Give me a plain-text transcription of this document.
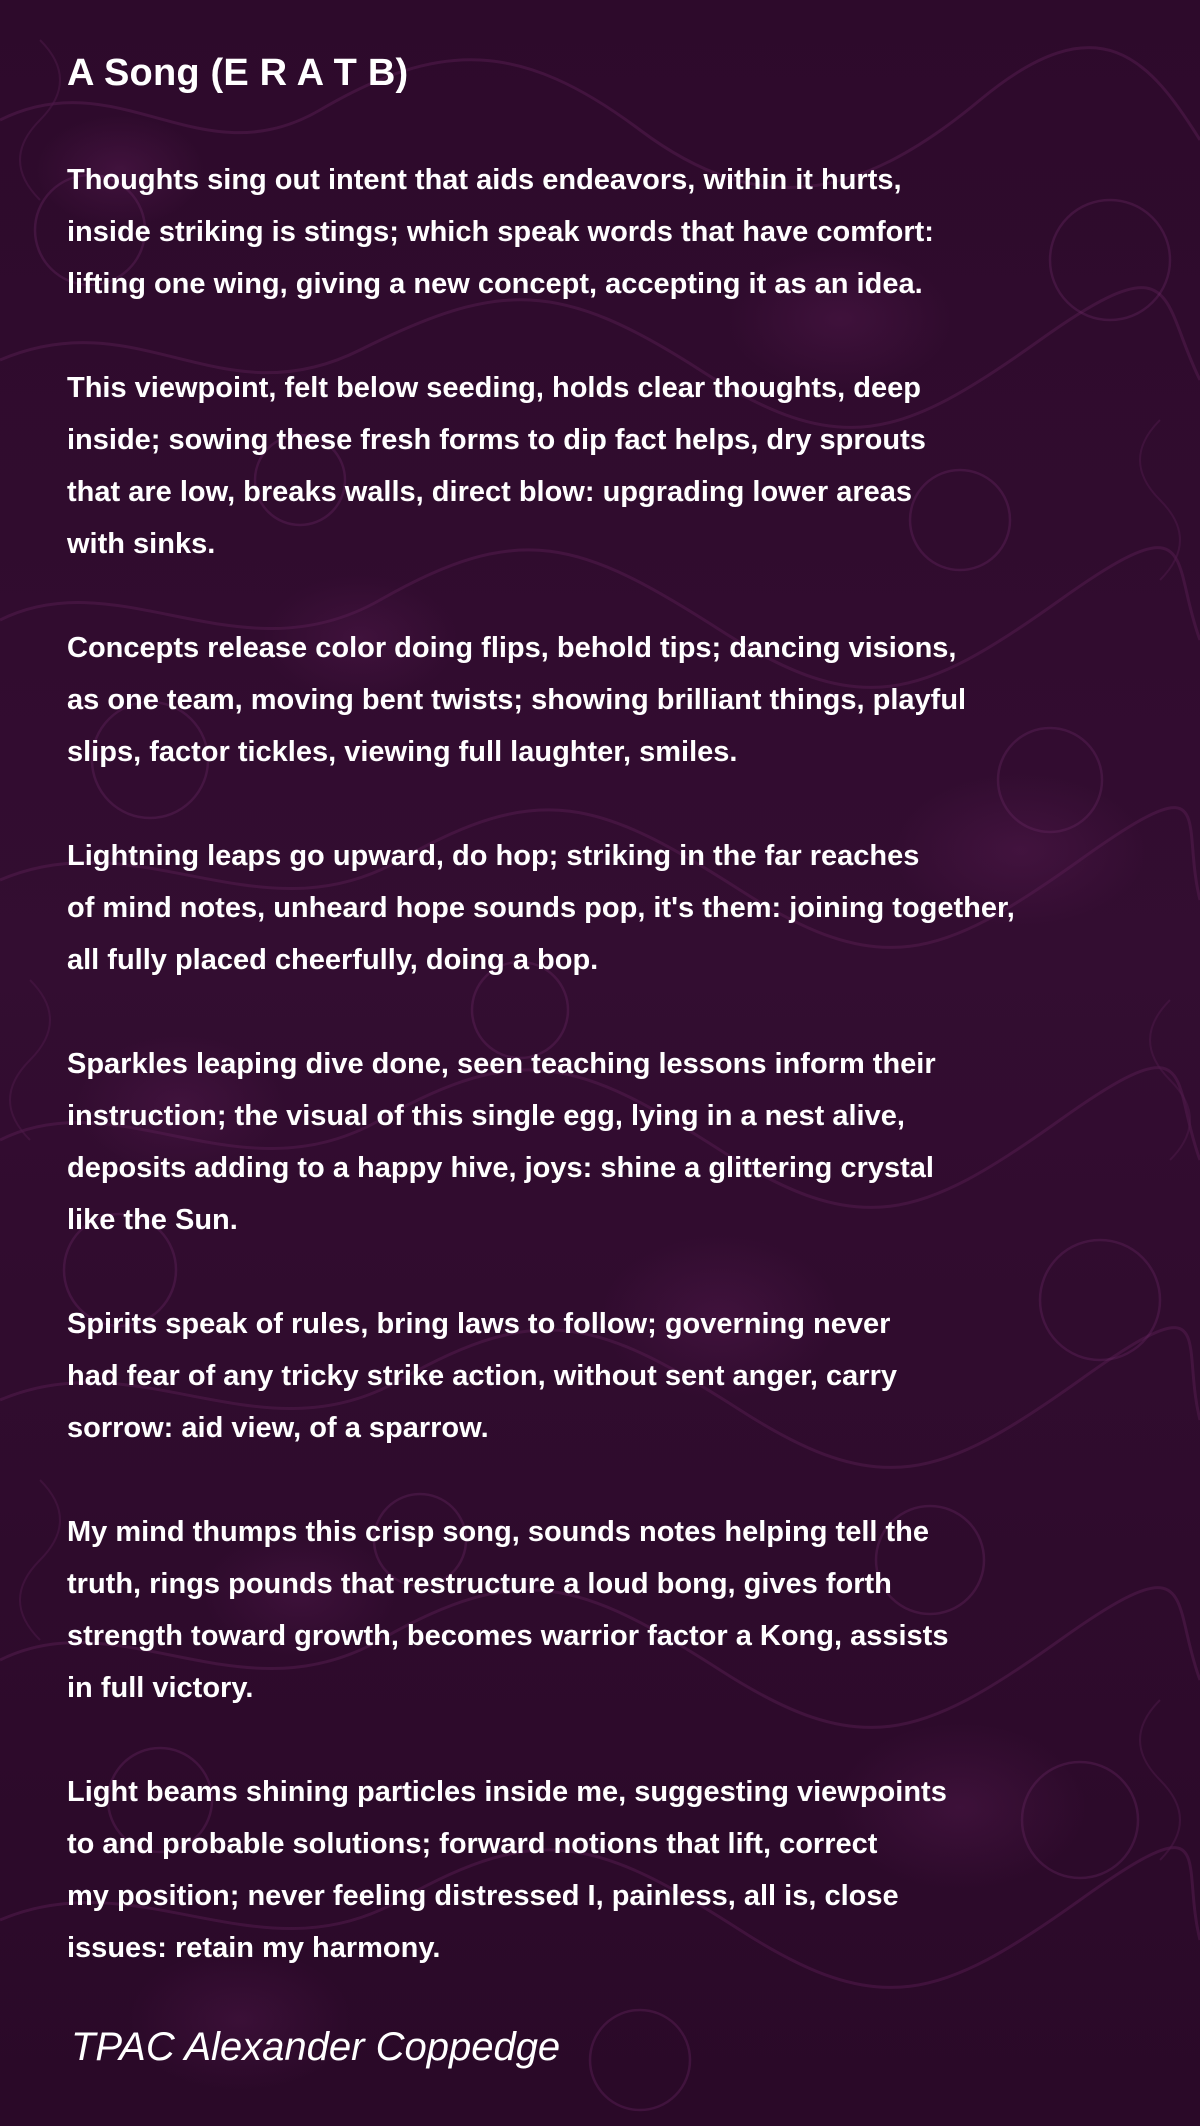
A Song (E R A T B)
Thoughts sing out intent that aids endeavors, within it hurts,
inside striking is stings; which speak words that have comfort:
lifting one wing, giving a new concept, accepting it as an idea.
This viewpoint, felt below seeding, holds clear thoughts, deep
inside; sowing these fresh forms to dip fact helps, dry sprouts
that are low, breaks walls, direct blow: upgrading lower areas
with sinks.
Concepts release color doing flips, behold tips; dancing visions,
as one team, moving bent twists; showing brilliant things, playful
slips, factor tickles, viewing full laughter, smiles.
Lightning leaps go upward, do hop; striking in the far reaches
of mind notes, unheard hope sounds pop, it's them: joining together,
all fully placed cheerfully, doing a bop.
Sparkles leaping dive done, seen teaching lessons inform their
instruction; the visual of this single egg, lying in a nest alive,
deposits adding to a happy hive, joys: shine a glittering crystal
like the Sun.
Spirits speak of rules, bring laws to follow; governing never
had fear of any tricky strike action, without sent anger, carry
sorrow: aid view, of a sparrow.
My mind thumps this crisp song, sounds notes helping tell the
truth, rings pounds that restructure a loud bong, gives forth
strength toward growth, becomes warrior factor a Kong, assists
in full victory.
Light beams shining particles inside me, suggesting viewpoints
to and probable solutions; forward notions that lift, correct
my position; never feeling distressed I, painless, all is, close
issues: retain my harmony.
TPAC Alexander Coppedge
